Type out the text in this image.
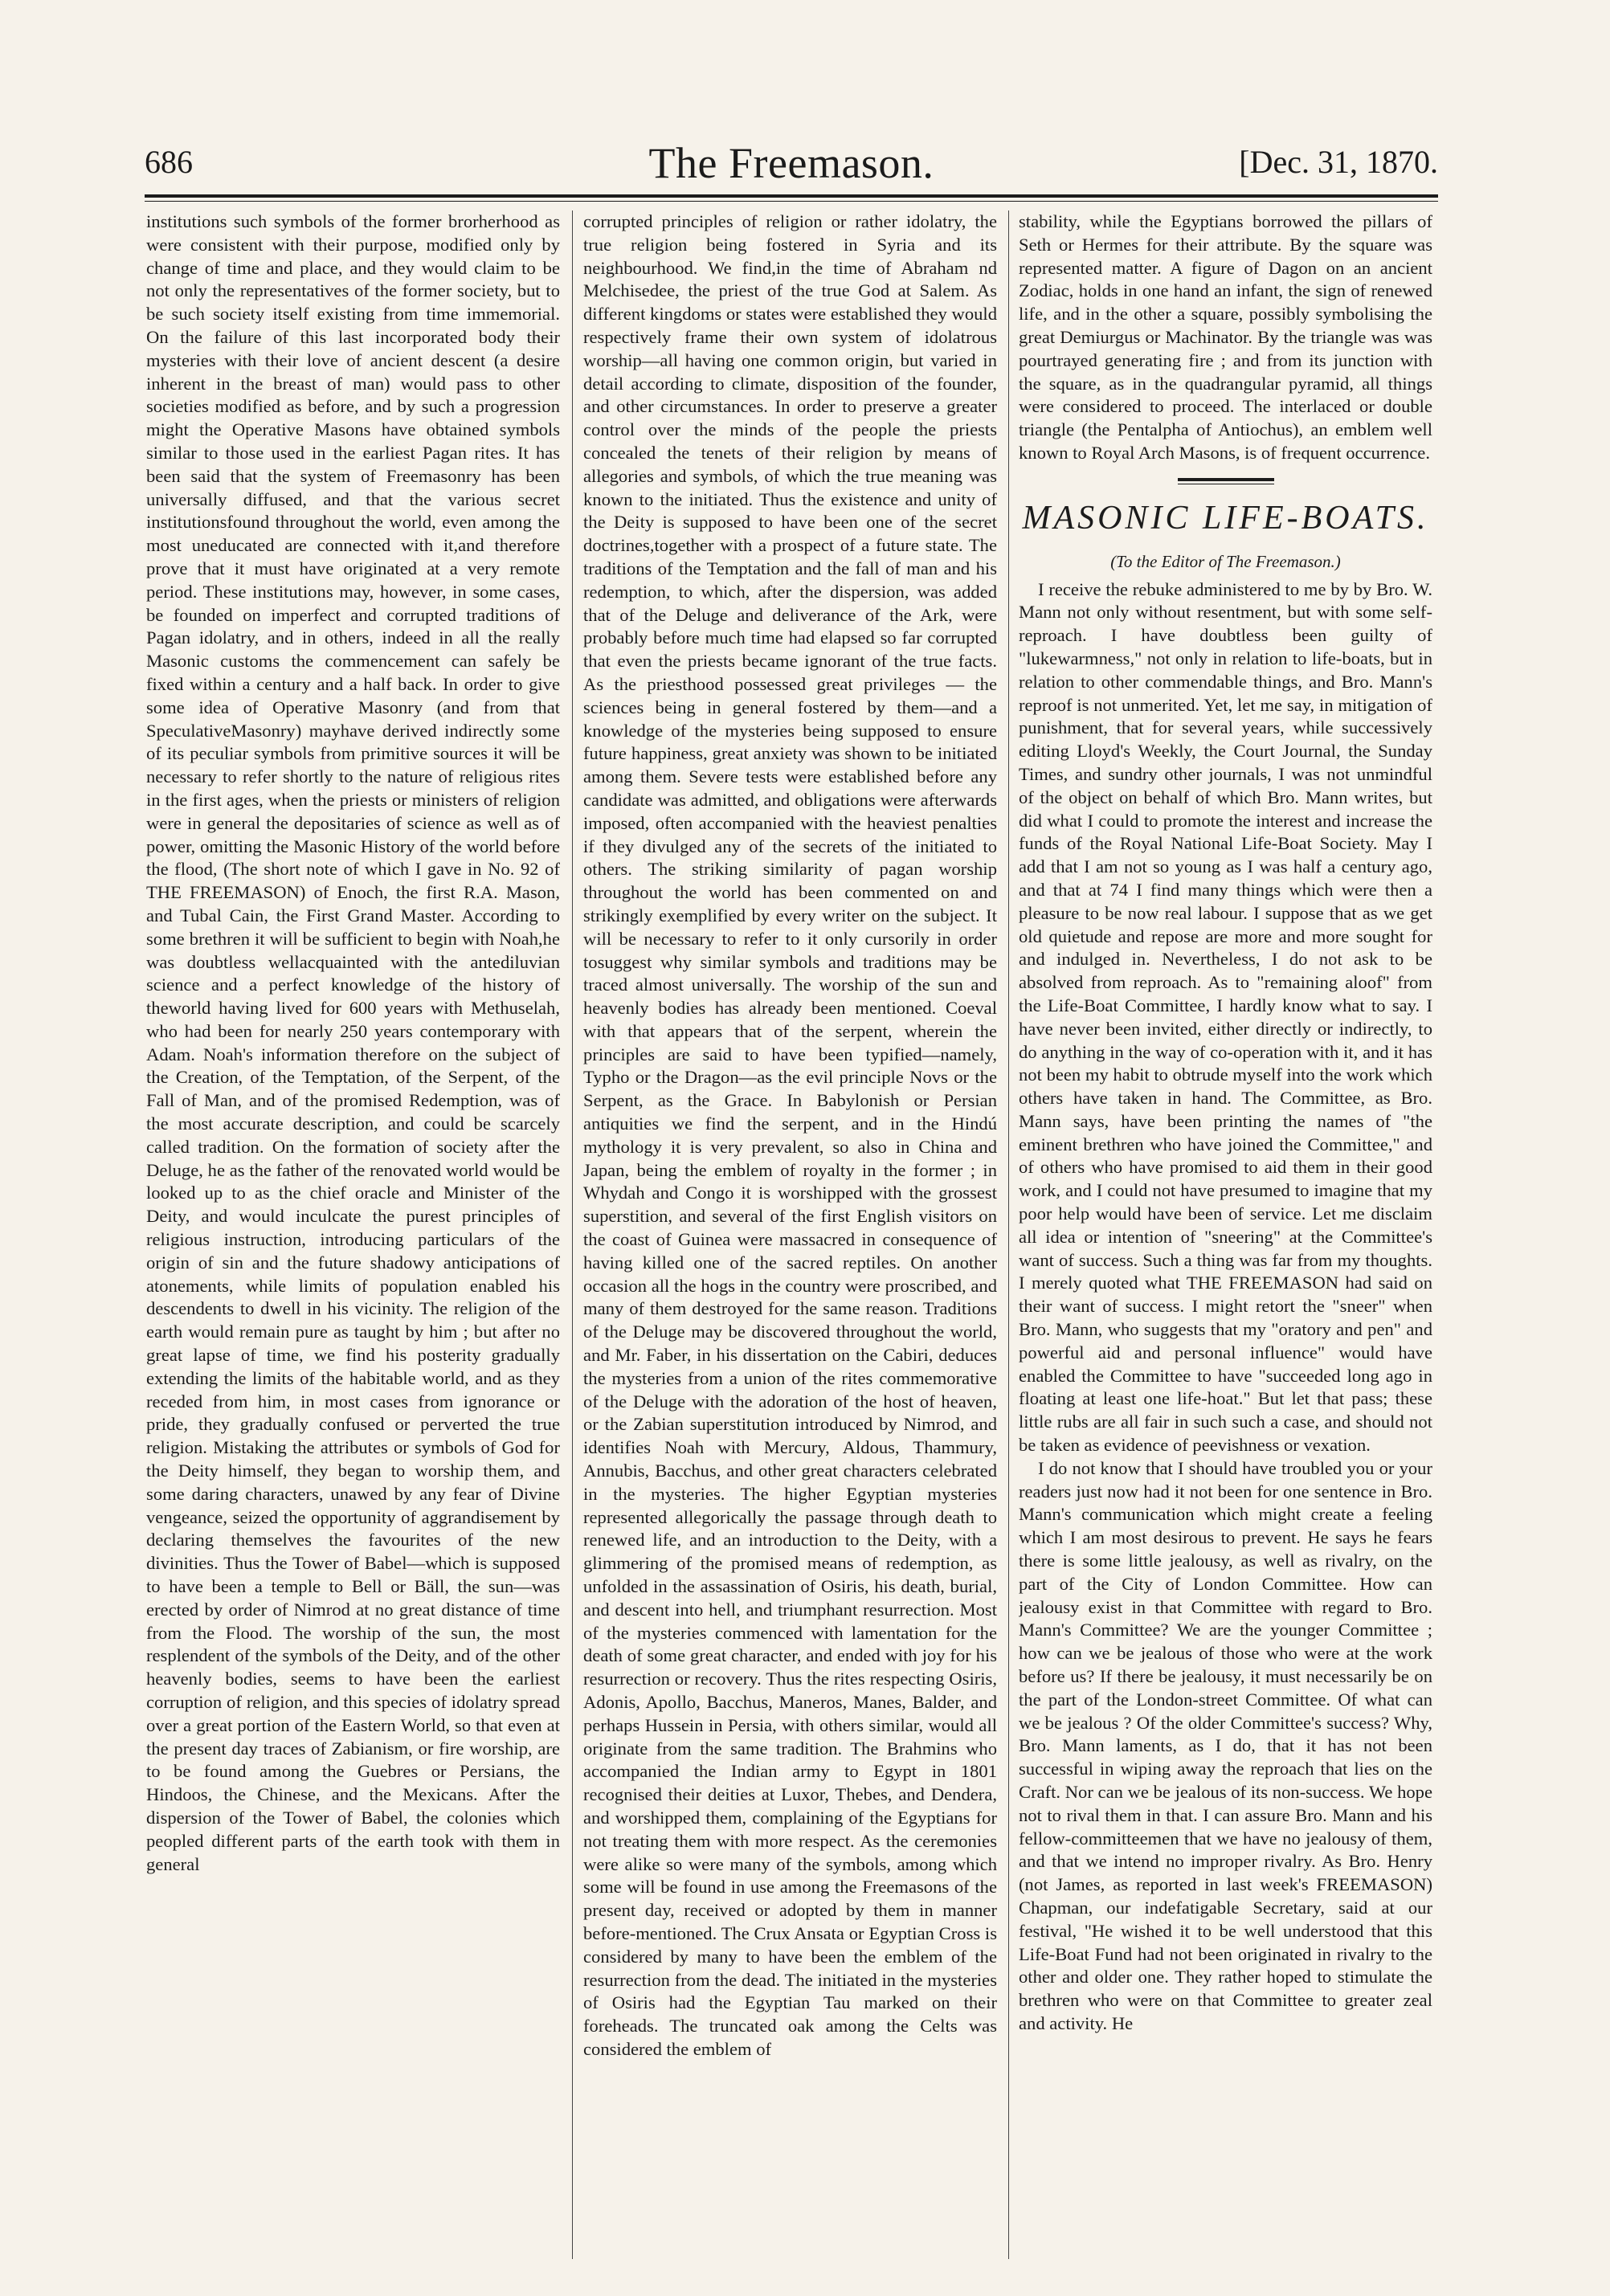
686	The Freemason.	[Dec. 31, 1870.

institutions such symbols of the former brorherhood as were consistent with their purpose, modified only by change of time and place, and they would claim to be not only the representatives of the former society, but to be such society itself existing from time immemorial. On the failure of this last incorporated body their mysteries with their love of ancient descent (a desire inherent in the breast of man) would pass to other societies modified as before, and by such a progression might the Operative Masons have obtained symbols similar to those used in the earliest Pagan rites. It has been said that the system of Freemasonry has been universally diffused, and that the various secret institutionsfound throughout the world, even among the most uneducated are connected with it,and therefore prove that it must have originated at a very remote period. These institutions may, however, in some cases, be founded on imperfect and corrupted traditions of Pagan idolatry, and in others, indeed in all the really Masonic customs the commencement can safely be fixed within a century and a half back. In order to give some idea of Operative Masonry (and from that SpeculativeMasonry) mayhave derived indirectly some of its peculiar symbols from primitive sources it will be necessary to refer shortly to the nature of religious rites in the first ages, when the priests or ministers of religion were in general the depositaries of science as well as of power, omitting the Masonic History of the world before the flood, (The short note of which I gave in No. 92 of THE FREEMASON) of Enoch, the first R.A. Mason, and Tubal Cain, the First Grand Master. According to some brethren it will be sufficient to begin with Noah,he was doubtless wellacquainted with the antediluvian science and a perfect knowledge of the history of theworld having lived for 600 years with Methuselah, who had been for nearly 250 years contemporary with Adam. Noah's information therefore on the subject of the Creation, of the Temptation, of the Serpent, of the Fall of Man, and of the promised Redemption, was of the most accurate description, and could be scarcely called tradition. On the formation of society after the Deluge, he as the father of the renovated world would be looked up to as the chief oracle and Minister of the Deity, and would inculcate the purest principles of religious instruction, introducing particulars of the origin of sin and the future shadowy anticipations of atonements, while limits of population enabled his descendents to dwell in his vicinity. The religion of the earth would remain pure as taught by him ; but after no great lapse of time, we find his posterity gradually extending the limits of the habitable world, and as they receded from him, in most cases from ignorance or pride, they gradually confused or perverted the true religion. Mistaking the attributes or symbols of God for the Deity himself, they began to worship them, and some daring characters, unawed by any fear of Divine vengeance, seized the opportunity of aggrandisement by declaring themselves the favourites of the new divinities. Thus the Tower of Babel—which is supposed to have been a temple to Bell or Bäll, the sun—was erected by order of Nimrod at no great distance of time from the Flood. The worship of the sun, the most resplendent of the symbols of the Deity, and of the other heavenly bodies, seems to have been the earliest corruption of religion, and this species of idolatry spread over a great portion of the Eastern World, so that even at the present day traces of Zabianism, or fire worship, are to be found among the Guebres or Persians, the Hindoos, the Chinese, and the Mexicans. After the dispersion of the Tower of Babel, the colonies which peopled different parts of the earth took with them in general

corrupted principles of religion or rather idolatry, the true religion being fostered in Syria and its neighbourhood. We find,in the time of Abraham nd Melchisedee, the priest of the true God at Salem. As different kingdoms or states were established they would respectively frame their own system of idolatrous worship—all having one common origin, but varied in detail according to climate, disposition of the founder, and other circumstances. In order to preserve a greater control over the minds of the people the priests concealed the tenets of their religion by means of allegories and symbols, of which the true meaning was known to the initiated. Thus the existence and unity of the Deity is supposed to have been one of the secret doctrines,together with a prospect of a future state. The traditions of the Temptation and the fall of man and his redemption, to which, after the dispersion, was added that of the Deluge and deliverance of the Ark, were probably before much time had elapsed so far corrupted that even the priests became ignorant of the true facts. As the priesthood possessed great privileges — the sciences being in general fostered by them—and a knowledge of the mysteries being supposed to ensure future happiness, great anxiety was shown to be initiated among them. Severe tests were established before any candidate was admitted, and obligations were afterwards imposed, often accompanied with the heaviest penalties if they divulged any of the secrets of the initiated to others. The striking similarity of pagan worship throughout the world has been commented on and strikingly exemplified by every writer on the subject. It will be necessary to refer to it only cursorily in order tosuggest why similar symbols and traditions may be traced almost universally. The worship of the sun and heavenly bodies has already been mentioned. Coeval with that appears that of the serpent, wherein the principles are said to have been typified—namely, Typho or the Dragon—as the evil principle Novs or the Serpent, as the Grace. In Babylonish or Persian antiquities we find the serpent, and in the Hindú mythology it is very prevalent, so also in China and Japan, being the emblem of royalty in the former ; in Whydah and Congo it is worshipped with the grossest superstition, and several of the first English visitors on the coast of Guinea were massacred in consequence of having killed one of the sacred reptiles. On another occasion all the hogs in the country were proscribed, and many of them destroyed for the same reason. Traditions of the Deluge may be discovered throughout the world, and Mr. Faber, in his dissertation on the Cabiri, deduces the mysteries from a union of the rites commemorative of the Deluge with the adoration of the host of heaven, or the Zabian superstitution introduced by Nimrod, and identifies Noah with Mercury, Aldous, Thammury, Annubis, Bacchus, and other great characters celebrated in the mysteries. The higher Egyptian mysteries represented allegorically the passage through death to renewed life, and an introduction to the Deity, with a glimmering of the promised means of redemption, as unfolded in the assassination of Osiris, his death, burial, and descent into hell, and triumphant resurrection. Most of the mysteries commenced with lamentation for the death of some great character, and ended with joy for his resurrection or recovery. Thus the rites respecting Osiris, Adonis, Apollo, Bacchus, Maneros, Manes, Balder, and perhaps Hussein in Persia, with others similar, would all originate from the same tradition. The Brahmins who accompanied the Indian army to Egypt in 1801 recognised their deities at Luxor, Thebes, and Dendera, and worshipped them, complaining of the Egyptians for not treating them with more respect. As the ceremonies were alike so were many of the symbols, among which some will be found in use among the Freemasons of the present day, received or adopted by them in manner before-mentioned. The Crux Ansata or Egyptian Cross is considered by many to have been the emblem of the resurrection from the dead. The initiated in the mysteries of Osiris had the Egyptian Tau marked on their foreheads. The truncated oak among the Celts was considered the emblem of

stability, while the Egyptians borrowed the pillars of Seth or Hermes for their attribute. By the square was represented matter. A figure of Dagon on an ancient Zodiac, holds in one hand an infant, the sign of renewed life, and in the other a square, possibly symbolising the great Demiurgus or Machinator. By the triangle was was pourtrayed generating fire ; and from its junction with the square, as in the quadrangular pyramid, all things were considered to proceed. The interlaced or double triangle (the Pentalpha of Antiochus), an emblem well known to Royal Arch Masons, is of frequent occurrence.

MASONIC LIFE-BOATS.
(To the Editor of The Freemason.)

I receive the rebuke administered to me by by Bro. W. Mann not only without resentment, but with some self-reproach. I have doubtless been guilty of "lukewarmness," not only in relation to life-boats, but in relation to other commendable things, and Bro. Mann's reproof is not unmerited. Yet, let me say, in mitigation of punishment, that for several years, while successively editing Lloyd's Weekly, the Court Journal, the Sunday Times, and sundry other journals, I was not unmindful of the object on behalf of which Bro. Mann writes, but did what I could to promote the interest and increase the funds of the Royal National Life-Boat Society. May I add that I am not so young as I was half a century ago, and that at 74 I find many things which were then a pleasure to be now real labour. I suppose that as we get old quietude and repose are more and more sought for and indulged in. Nevertheless, I do not ask to be absolved from reproach. As to "remaining aloof" from the Life-Boat Committee, I hardly know what to say. I have never been invited, either directly or indirectly, to do anything in the way of co-operation with it, and it has not been my habit to obtrude myself into the work which others have taken in hand. The Committee, as Bro. Mann says, have been printing the names of "the eminent brethren who have joined the Committee," and of others who have promised to aid them in their good work, and I could not have presumed to imagine that my poor help would have been of service. Let me disclaim all idea or intention of "sneering" at the Committee's want of success. Such a thing was far from my thoughts. I merely quoted what THE FREEMASON had said on their want of success. I might retort the "sneer" when Bro. Mann, who suggests that my "oratory and pen" and powerful aid and personal influence" would have enabled the Committee to have "succeeded long ago in floating at least one life-hoat." But let that pass; these little rubs are all fair in such such a case, and should not be taken as evidence of peevishness or vexation.

I do not know that I should have troubled you or your readers just now had it not been for one sentence in Bro. Mann's communication which might create a feeling which I am most desirous to prevent. He says he fears there is some little jealousy, as well as rivalry, on the part of the City of London Committee. How can jealousy exist in that Committee with regard to Bro. Mann's Committee? We are the younger Committee ; how can we be jealous of those who were at the work before us? If there be jealousy, it must necessarily be on the part of the London-street Committee. Of what can we be jealous ? Of the older Committee's success? Why, Bro. Mann laments, as I do, that it has not been successful in wiping away the reproach that lies on the Craft. Nor can we be jealous of its non-success. We hope not to rival them in that. I can assure Bro. Mann and his fellow-committeemen that we have no jealousy of them, and that we intend no improper rivalry. As Bro. Henry (not James, as reported in last week's FREEMASON) Chapman, our indefatigable Secretary, said at our festival, "He wished it to be well understood that this Life-Boat Fund had not been originated in rivalry to the other and older one. They rather hoped to stimulate the brethren who were on that Committee to greater zeal and activity. He
